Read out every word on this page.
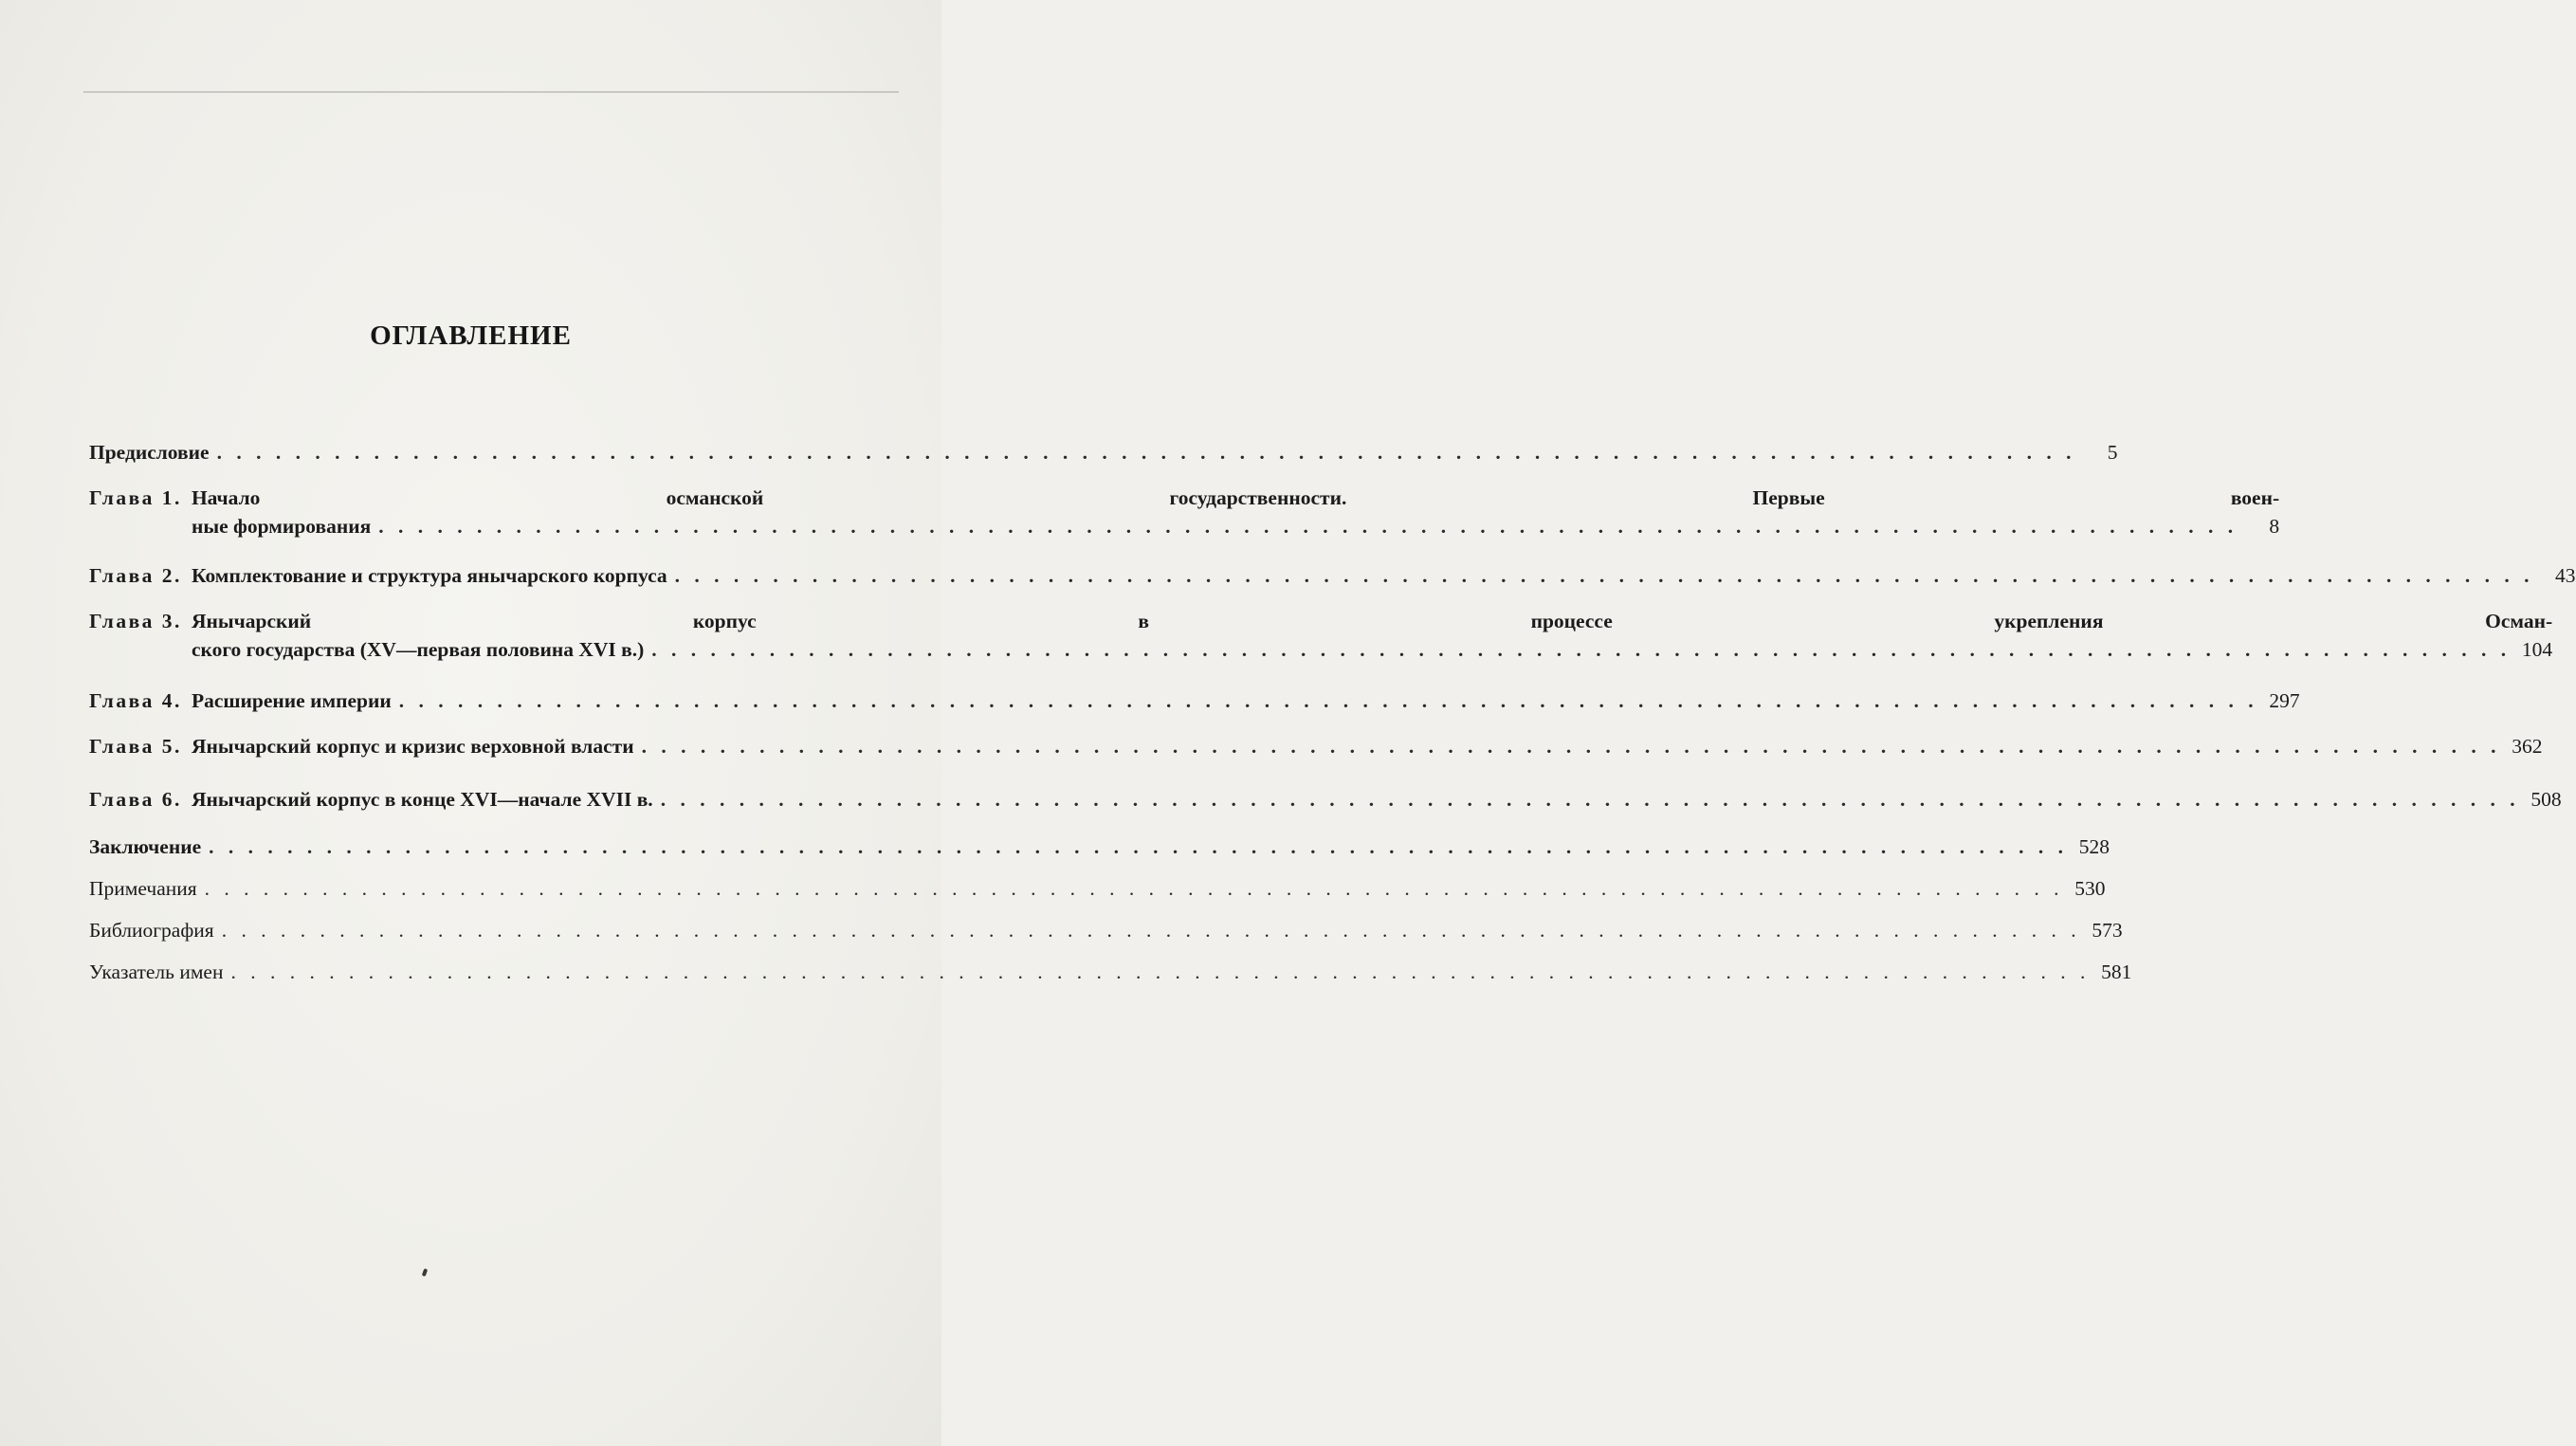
ОГЛАВЛЕНИЕ
Предисловие . . .	5
Глава 1. Начало османской государственности. Первые воен-
ные формирования . . .	8
Глава 2. Комплектование и структура янычарского корпуса . . .	43
Глава 3. Янычарский корпус в процессе укрепления Осман-
ского государства (XV—первая половина XVI в.) . . .	104
Глава 4. Расширение империи . . .	297
Глава 5. Янычарский корпус и кризис верховной власти . . .	362
Глава 6. Янычарский корпус в конце XVI—начале XVII в. . . .	508
Заключение . . .	528
Примечания . . .	530
Библиография . . .	573
Указатель имен . . .	581
